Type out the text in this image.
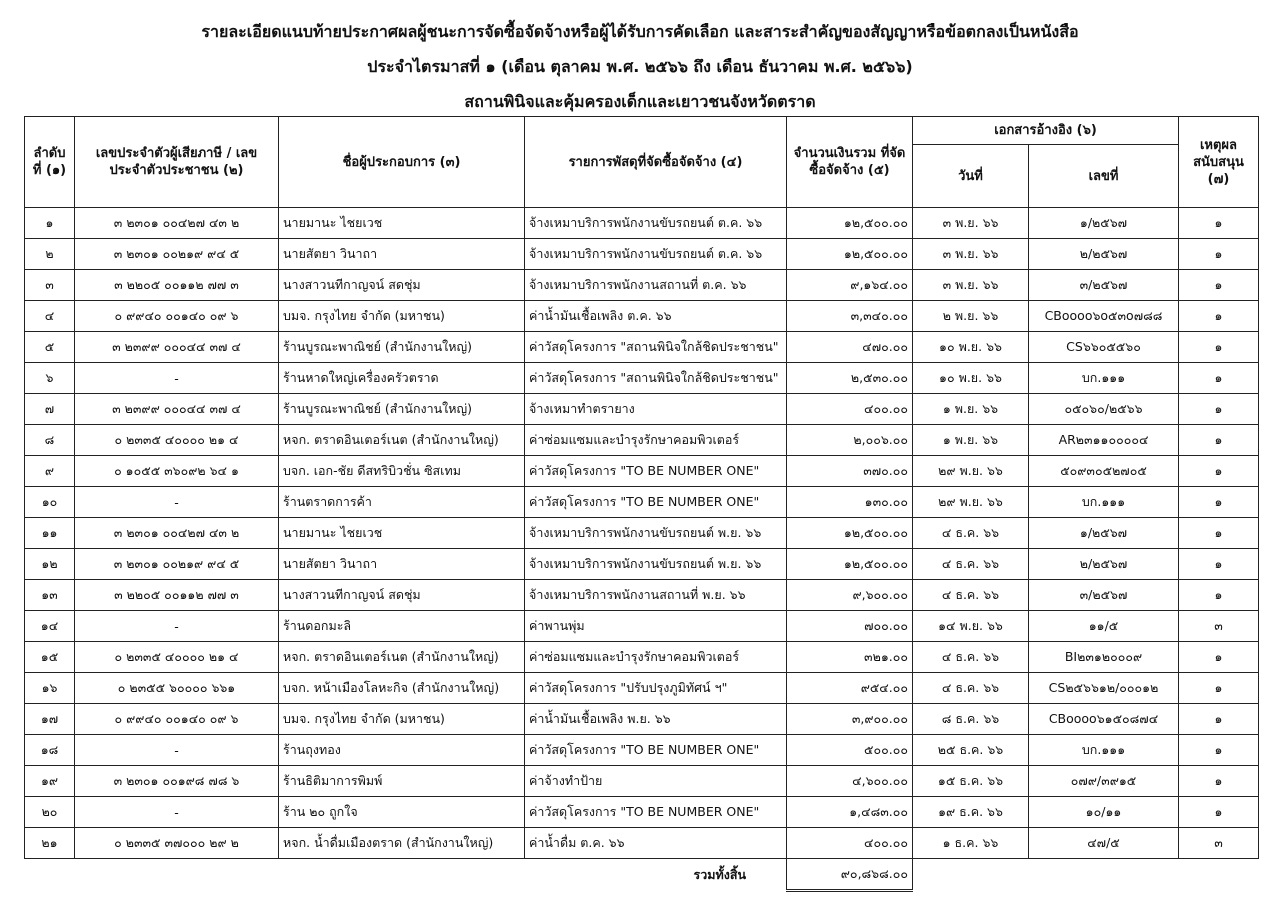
รายละเอียดแนบท้ายประกาศผลผู้ชนะการจัดซื้อจัดจ้างหรือผู้ได้รับการคัดเลือก และสาระสำคัญของสัญญาหรือข้อตกลงเป็นหนังสือ
ประจำไตรมาสที่ ๑ (เดือน ตุลาคม พ.ศ. ๒๕๖๖ ถึง เดือน ธันวาคม พ.ศ. ๒๕๖๖)
สถานพินิจและคุ้มครองเด็กและเยาวชนจังหวัดตราด
ลำดับ ที่ (๑)	เลขประจำตัวผู้เสียภาษี / เลขประจำตัวประชาชน (๒)	ชื่อผู้ประกอบการ (๓)	รายการพัสดุที่จัดซื้อจัดจ้าง (๔)	จำนวนเงินรวม ที่จัดซื้อจัดจ้าง (๕)	เอกสารอ้างอิง (๖)		เหตุผลสนับสนุน (๗)
					วันที่	เลขที่	
๑	๓ ๒๓๐๑ ๐๐๔๒๗ ๔๓ ๒	นายมานะ ไชยเวช	จ้างเหมาบริการพนักงานขับรถยนต์ ต.ค. ๖๖	๑๒,๕๐๐.๐๐	๓ พ.ย. ๖๖	๑/๒๕๖๗	๑
๒	๓ ๒๓๐๑ ๐๐๒๑๙ ๙๔ ๕	นายสัตยา วินาถา	จ้างเหมาบริการพนักงานขับรถยนต์ ต.ค. ๖๖	๑๒,๕๐๐.๐๐	๓ พ.ย. ๖๖	๒/๒๕๖๗	๑
๓	๓ ๒๒๐๕ ๐๐๑๑๒ ๗๗ ๓	นางสาวนทีกาญจน์ สดชุ่ม	จ้างเหมาบริการพนักงานสถานที่ ต.ค. ๖๖	๙,๑๖๔.๐๐	๓ พ.ย. ๖๖	๓/๒๕๖๗	๑
๔	๐ ๙๙๔๐ ๐๐๑๔๐ ๐๙ ๖	บมจ. กรุงไทย จำกัด (มหาชน)	ค่าน้ำมันเชื้อเพลิง ต.ค. ๖๖	๓,๓๔๐.๐๐	๒ พ.ย. ๖๖	CBoooo๖o๕๓o๗๘๘	๑
๕	๓ ๒๓๙๙ ๐๐๐๔๔ ๓๗ ๔	ร้านบูรณะพาณิชย์ (สำนักงานใหญ่)	ค่าวัสดุโครงการ "สถานพินิจใกล้ชิดประชาชน"	๔๗๐.๐๐	๑๐ พ.ย. ๖๖	CS๖๖๐๕๕๖๐	๑
๖	-	ร้านหาดใหญ่เครื่องครัวตราด	ค่าวัสดุโครงการ "สถานพินิจใกล้ชิดประชาชน"	๒,๕๓๐.๐๐	๑๐ พ.ย. ๖๖	บก.๑๑๑	๑
๗	๓ ๒๓๙๙ ๐๐๐๔๔ ๓๗ ๔	ร้านบูรณะพาณิชย์ (สำนักงานใหญ่)	จ้างเหมาทำตรายาง	๔๐๐.๐๐	๑ พ.ย. ๖๖	๐๕๐๖๐/๒๕๖๖	๑
๘	๐ ๒๓๓๕ ๔๐๐๐๐ ๒๑ ๔	หจก. ตราดอินเตอร์เนต (สำนักงานใหญ่)	ค่าซ่อมแซมและบำรุงรักษาคอมพิวเตอร์	๒,๐๐๖.๐๐	๑ พ.ย. ๖๖	AR๒๓๑๑๐๐๐๐๔	๑
๙	๐ ๑๐๕๕ ๓๖๐๙๒ ๖๔ ๑	บจก. เอก-ชัย ดีสทริบิวชั่น ซิสเทม	ค่าวัสดุโครงการ "TO BE NUMBER ONE"	๓๗๐.๐๐	๒๙ พ.ย. ๖๖	๕๐๙๓๐๕๒๗๐๕	๑
๑๐	-	ร้านตราดการค้า	ค่าวัสดุโครงการ "TO BE NUMBER ONE"	๑๓๐.๐๐	๒๙ พ.ย. ๖๖	บก.๑๑๑	๑
๑๑	๓ ๒๓๐๑ ๐๐๔๒๗ ๔๓ ๒	นายมานะ ไชยเวช	จ้างเหมาบริการพนักงานขับรถยนต์ พ.ย. ๖๖	๑๒,๕๐๐.๐๐	๔ ธ.ค. ๖๖	๑/๒๕๖๗	๑
๑๒	๓ ๒๓๐๑ ๐๐๒๑๙ ๙๔ ๕	นายสัตยา วินาถา	จ้างเหมาบริการพนักงานขับรถยนต์ พ.ย. ๖๖	๑๒,๕๐๐.๐๐	๔ ธ.ค. ๖๖	๒/๒๕๖๗	๑
๑๓	๓ ๒๒๐๕ ๐๐๑๑๒ ๗๗ ๓	นางสาวนทีกาญจน์ สดชุ่ม	จ้างเหมาบริการพนักงานสถานที่ พ.ย. ๖๖	๙,๖๐๐.๐๐	๔ ธ.ค. ๖๖	๓/๒๕๖๗	๑
๑๔	-	ร้านดอกมะลิ	ค่าพานพุ่ม	๗๐๐.๐๐	๑๔ พ.ย. ๖๖	๑๑/๕	๓
๑๕	๐ ๒๓๓๕ ๔๐๐๐๐ ๒๑ ๔	หจก. ตราดอินเตอร์เนต (สำนักงานใหญ่)	ค่าซ่อมแซมและบำรุงรักษาคอมพิวเตอร์	๓๒๑.๐๐	๔ ธ.ค. ๖๖	BI๒๓๑๒๐๐๐๙	๑
๑๖	๐ ๒๓๕๕ ๖๐๐๐๐ ๖๖๑	บจก. หน้าเมืองโลหะกิจ (สำนักงานใหญ่)	ค่าวัสดุโครงการ "ปรับปรุงภูมิทัศน์ ฯ"	๙๕๔.๐๐	๔ ธ.ค. ๖๖	CS๒๕๖๖๑๒/๐๐๐๑๒	๑
๑๗	๐ ๙๙๔๐ ๐๐๑๔๐ ๐๙ ๖	บมจ. กรุงไทย จำกัด (มหาชน)	ค่าน้ำมันเชื้อเพลิง พ.ย. ๖๖	๓,๙๐๐.๐๐	๘ ธ.ค. ๖๖	CBoooo๖๑๕๐๘๗๔	๑
๑๘	-	ร้านถุงทอง	ค่าวัสดุโครงการ "TO BE NUMBER ONE"	๕๐๐.๐๐	๒๕ ธ.ค. ๖๖	บก.๑๑๑	๑
๑๙	๓ ๒๓๐๑ ๐๐๑๙๘ ๗๘ ๖	ร้านธิติมาการพิมพ์	ค่าจ้างทำป้าย	๔,๖๐๐.๐๐	๑๕ ธ.ค. ๖๖	๐๗๙/๓๙๑๕	๑
๒๐	-	ร้าน ๒๐ ถูกใจ	ค่าวัสดุโครงการ "TO BE NUMBER ONE"	๑,๔๘๓.๐๐	๑๙ ธ.ค. ๖๖	๑๐/๑๑	๑
๒๑	๐ ๒๓๓๕ ๓๗๐๐๐ ๒๙ ๒	หจก. น้ำดื่มเมืองตราด (สำนักงานใหญ่)	ค่าน้ำดื่ม ต.ค. ๖๖	๔๐๐.๐๐	๑ ธ.ค. ๖๖	๔๗/๕	๓
			รวมทั้งสิ้น	๙๐,๘๖๘.๐๐			
